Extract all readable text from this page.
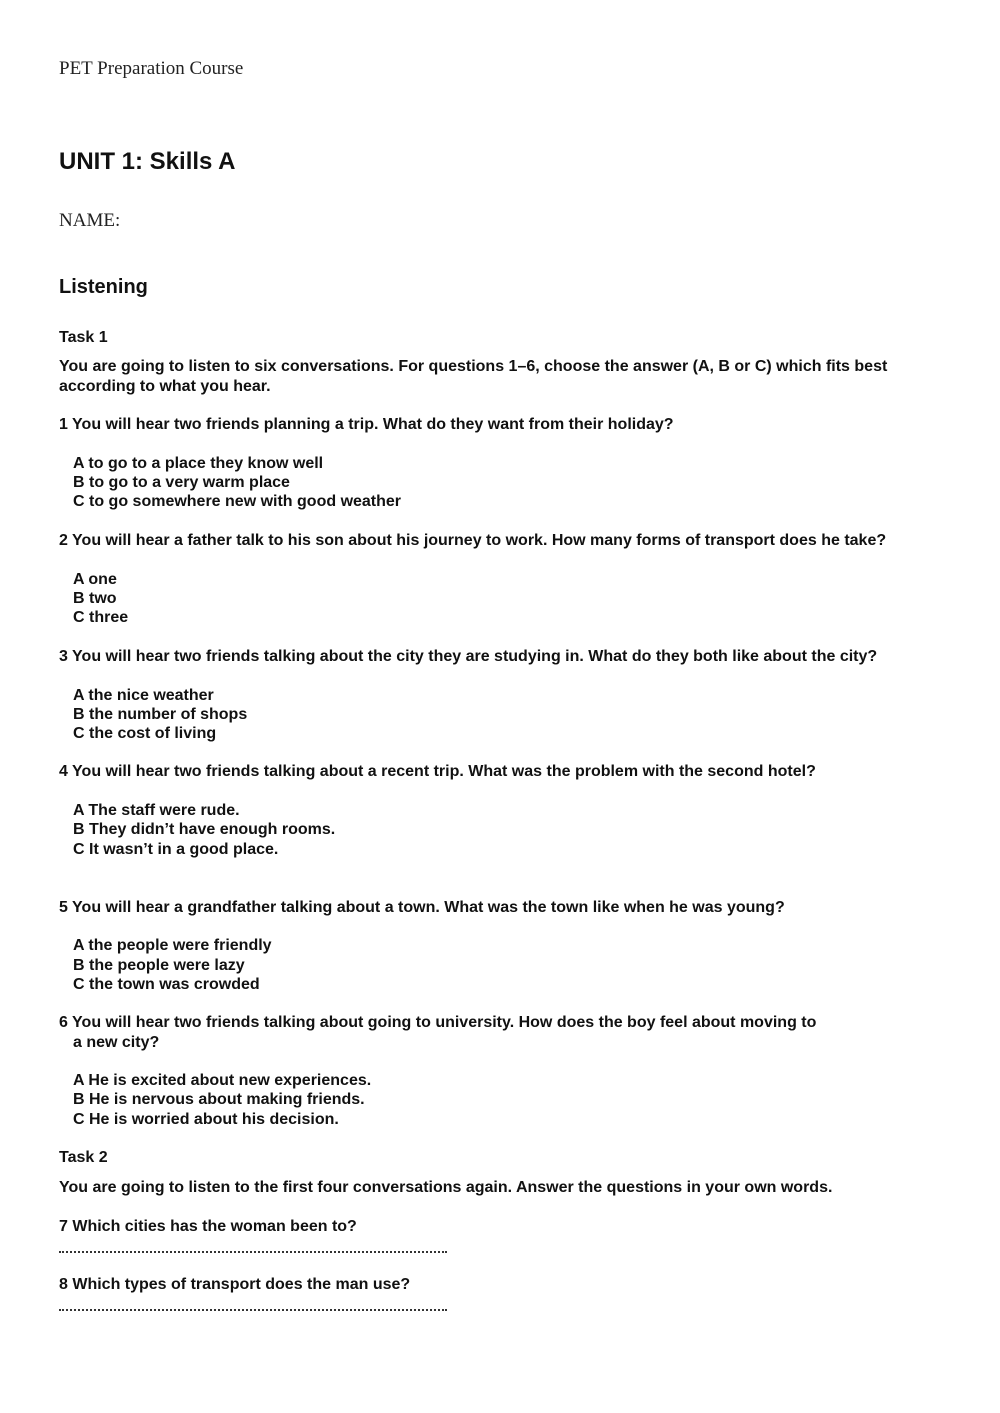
PET Preparation Course
UNIT 1: Skills A
NAME:
Listening
Task 1
You are going to listen to six conversations. For questions 1–6, choose the answer (A, B or C) which fits best
according to what you hear.
1 You will hear two friends planning a trip. What do they want from their holiday?
A to go to a place they know well
B to go to a very warm place
C to go somewhere new with good weather
2 You will hear a father talk to his son about his journey to work. How many forms of transport does he take?
A one
B two
C three
3 You will hear two friends talking about the city they are studying in. What do they both like about the city?
A the nice weather
B the number of shops
C the cost of living
4 You will hear two friends talking about a recent trip. What was the problem with the second hotel?
A The staff were rude.
B They didn’t have enough rooms.
C It wasn’t in a good place.
5 You will hear a grandfather talking about a town. What was the town like when he was young?
A the people were friendly
B the people were lazy
C the town was crowded
6 You will hear two friends talking about going to university. How does the boy feel about moving to
a new city?
A He is excited about new experiences.
B He is nervous about making friends.
C He is worried about his decision.
Task 2
You are going to listen to the first four conversations again. Answer the questions in your own words.
7 Which cities has the woman been to?
8 Which types of transport does the man use?
